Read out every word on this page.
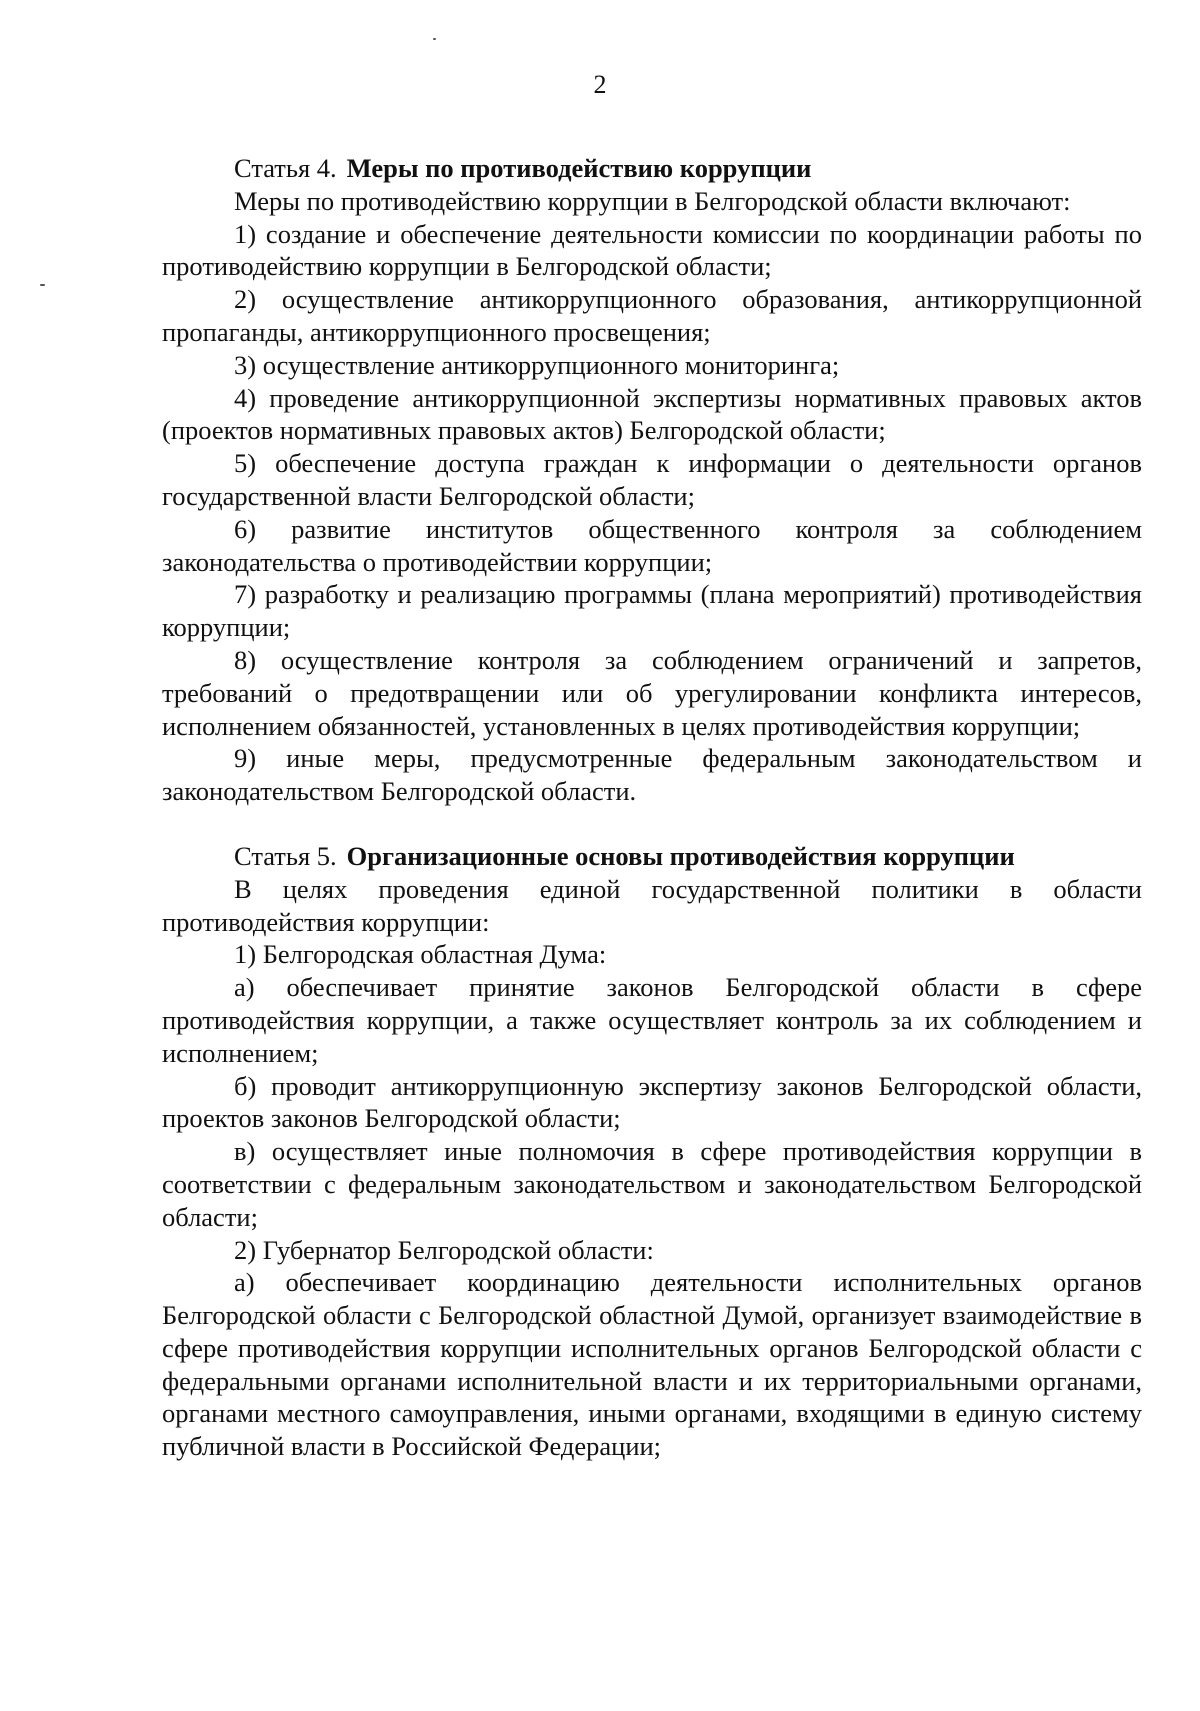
2

Статья 4. Меры по противодействию коррупции

Меры по противодействию коррупции в Белгородской области включают:

1) создание и обеспечение деятельности комиссии по координации работы по противодействию коррупции в Белгородской области;

2) осуществление антикоррупционного образования, антикоррупционной пропаганды, антикоррупционного просвещения;

3) осуществление антикоррупционного мониторинга;

4) проведение антикоррупционной экспертизы нормативных правовых актов (проектов нормативных правовых актов) Белгородской области;

5) обеспечение доступа граждан к информации о деятельности органов государственной власти Белгородской области;

6) развитие институтов общественного контроля за соблюдением законодательства о противодействии коррупции;

7) разработку и реализацию программы (плана мероприятий) противодействия коррупции;

8) осуществление контроля за соблюдением ограничений и запретов, требований о предотвращении или об урегулировании конфликта интересов, исполнением обязанностей, установленных в целях противодействия коррупции;

9) иные меры, предусмотренные федеральным законодательством и законодательством Белгородской области.

Статья 5. Организационные основы противодействия коррупции

В целях проведения единой государственной политики в области противодействия коррупции:

1) Белгородская областная Дума:

а) обеспечивает принятие законов Белгородской области в сфере противодействия коррупции, а также осуществляет контроль за их соблюдением и исполнением;

б) проводит антикоррупционную экспертизу законов Белгородской области, проектов законов Белгородской области;

в) осуществляет иные полномочия в сфере противодействия коррупции в соответствии с федеральным законодательством и законодательством Белгородской области;

2) Губернатор Белгородской области:

а) обеспечивает координацию деятельности исполнительных органов Белгородской области с Белгородской областной Думой, организует взаимодействие в сфере противодействия коррупции исполнительных органов Белгородской области с федеральными органами исполнительной власти и их территориальными органами, органами местного самоуправления, иными органами, входящими в единую систему публичной власти в Российской Федерации;
